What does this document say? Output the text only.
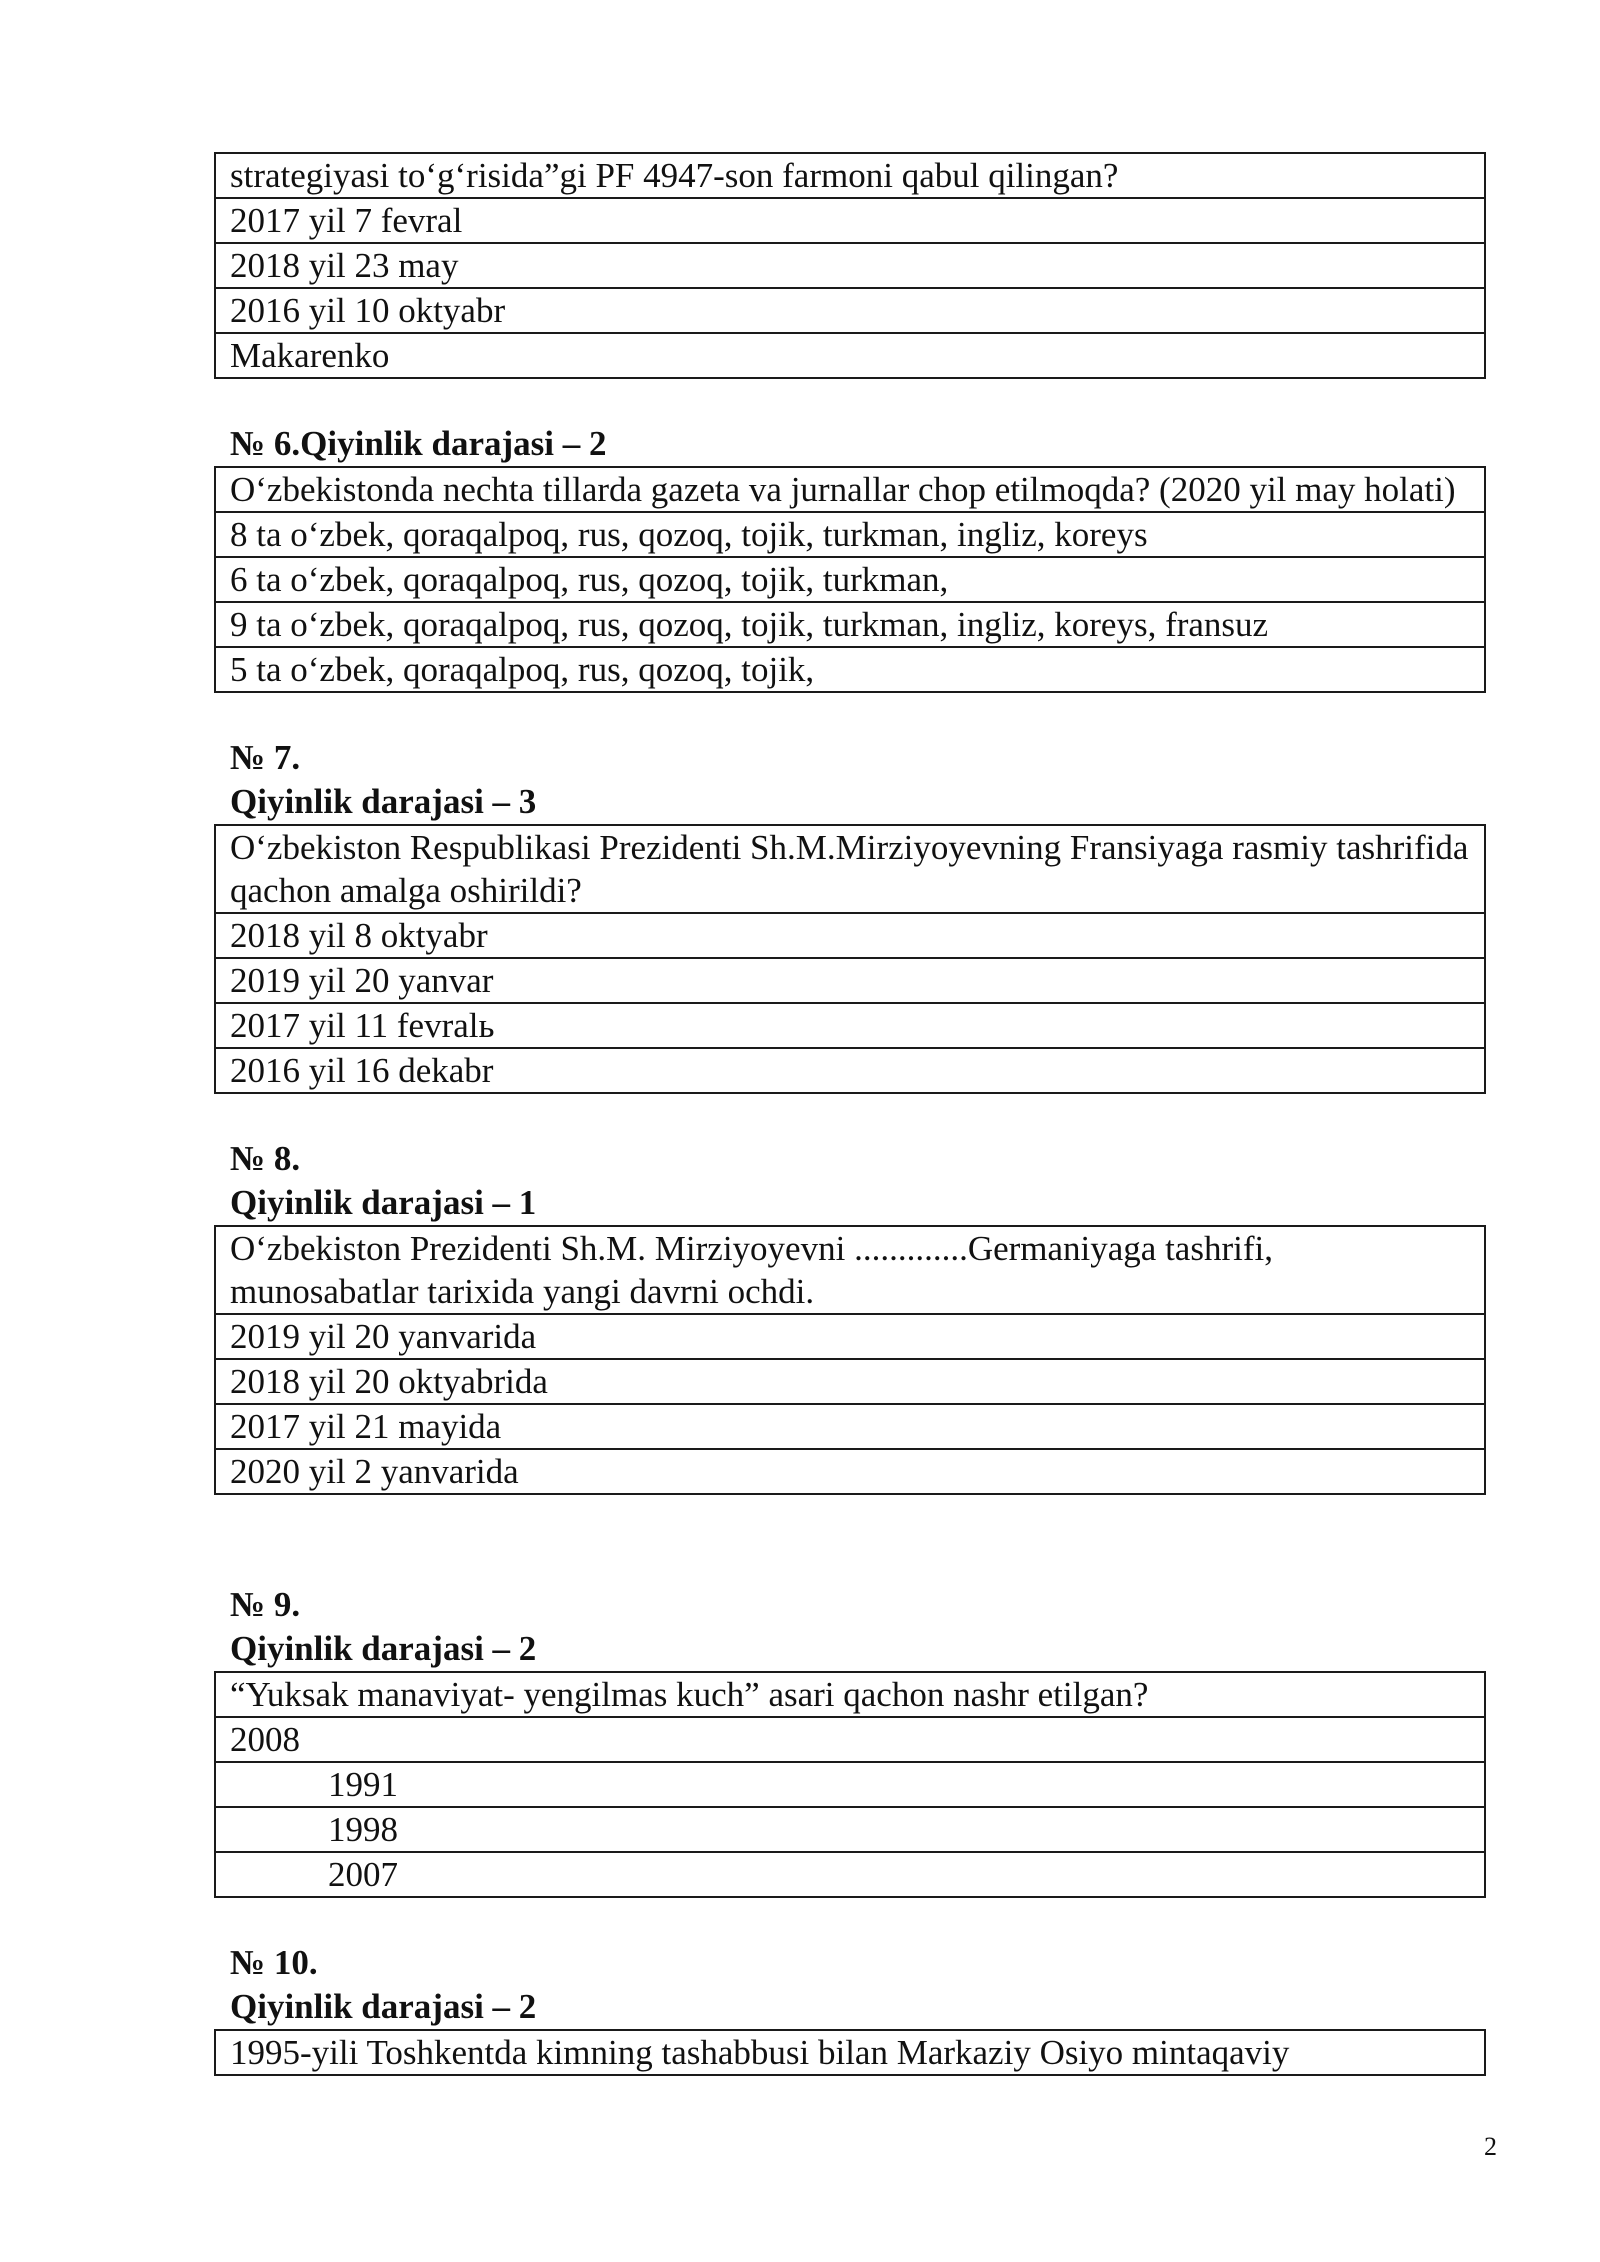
strategiyasi to‘g‘risida”gi PF 4947-son farmoni qabul qilingan?
2017 yil 7 fevral
2018 yil 23 may
2016 yil 10 oktyabr
Makarenko

№ 6.Qiyinlik darajasi – 2

O‘zbekistonda nechta tillarda gazeta va jurnallar chop etilmoqda? (2020 yil may holati)
8 ta o‘zbek, qoraqalpoq, rus, qozoq, tojik, turkman, ingliz, koreys
6 ta o‘zbek, qoraqalpoq, rus, qozoq, tojik, turkman,
9 ta o‘zbek, qoraqalpoq, rus, qozoq, tojik, turkman, ingliz, koreys, fransuz
5 ta o‘zbek, qoraqalpoq, rus, qozoq, tojik,

№ 7.

Qiyinlik darajasi – 3

O‘zbekiston Respublikasi Prezidenti Sh.M.Mirziyoyevning Fransiyaga rasmiy tashrifida qachon amalga oshirildi?
2018 yil 8 oktyabr
2019 yil 20 yanvar
2017 yil 11 fevralь
2016 yil 16 dekabr

№ 8.

Qiyinlik darajasi – 1

O‘zbekiston Prezidenti Sh.M. Mirziyoyevni .............Germaniyaga tashrifi, munosabatlar tarixida yangi davrni ochdi.
2019 yil 20 yanvarida
2018 yil 20 oktyabrida
2017 yil 21 mayida
2020 yil 2 yanvarida

№ 9.

Qiyinlik darajasi – 2

“Yuksak manaviyat- yengilmas kuch” asari qachon nashr etilgan?
2008
1991
1998
2007

№ 10.

Qiyinlik darajasi – 2

1995-yili Toshkentda kimning tashabbusi bilan Markaziy Osiyo mintaqaviy
2
